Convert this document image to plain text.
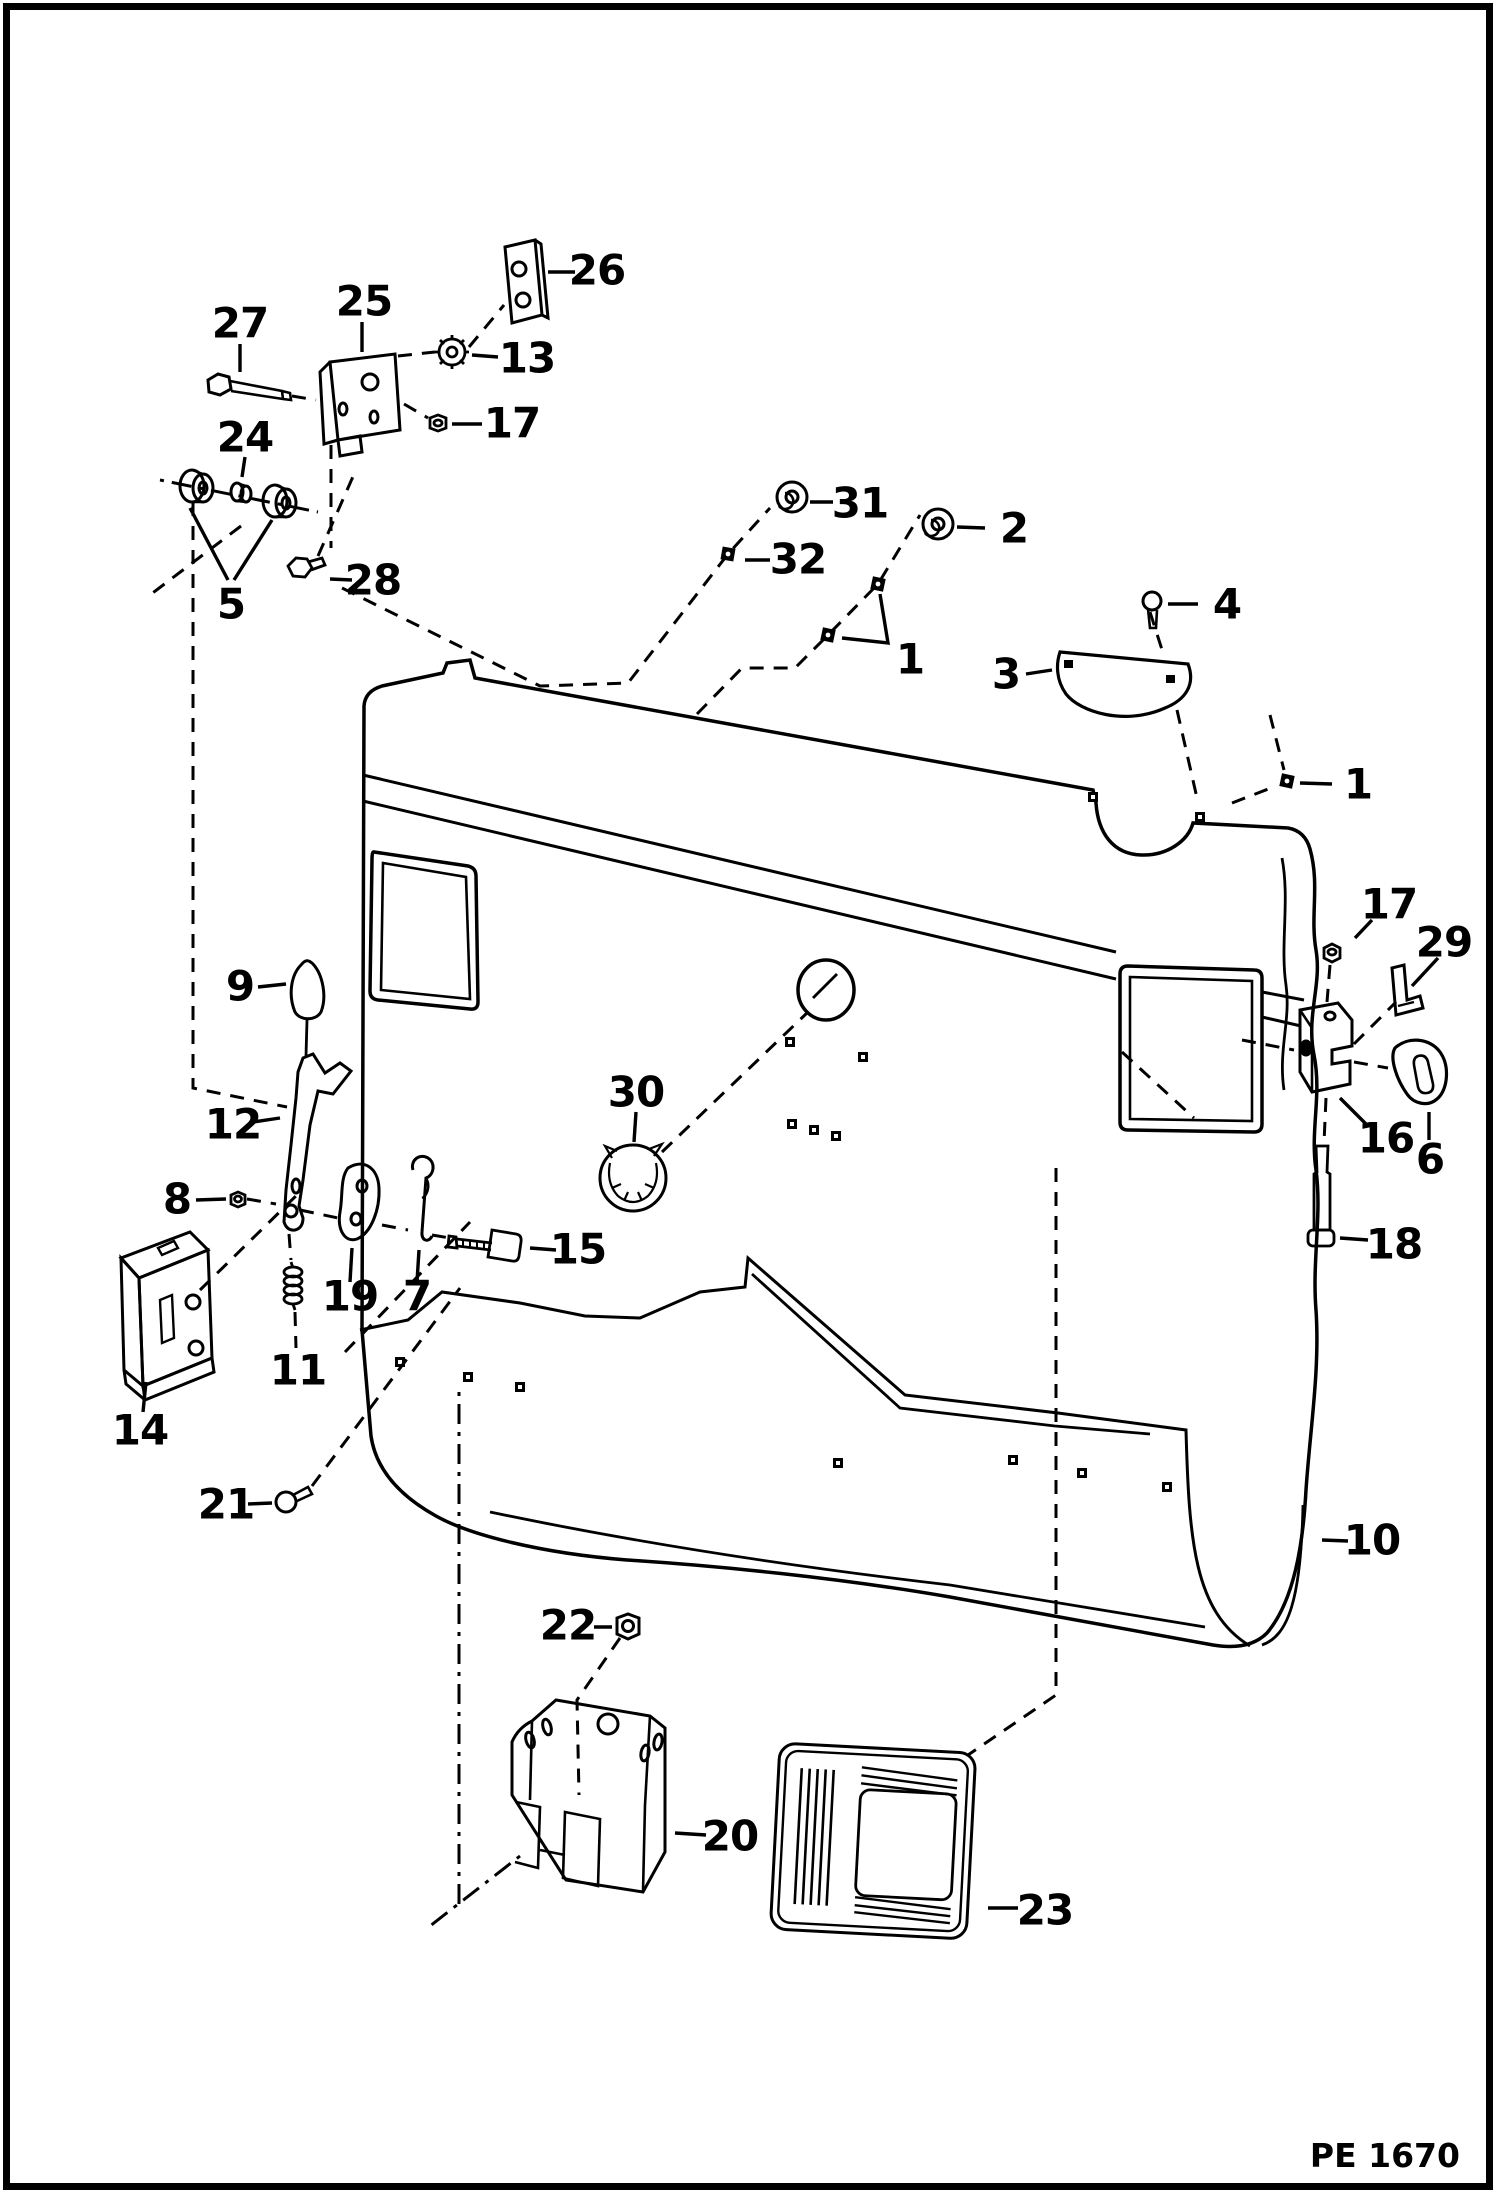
26
25
27
13
17
24
31
2
32
28
5	4
1 3
1
17
29
9
30
12	16 6
8
15	18
19 7
11
14
21
10
22
20
23
PE 1670
